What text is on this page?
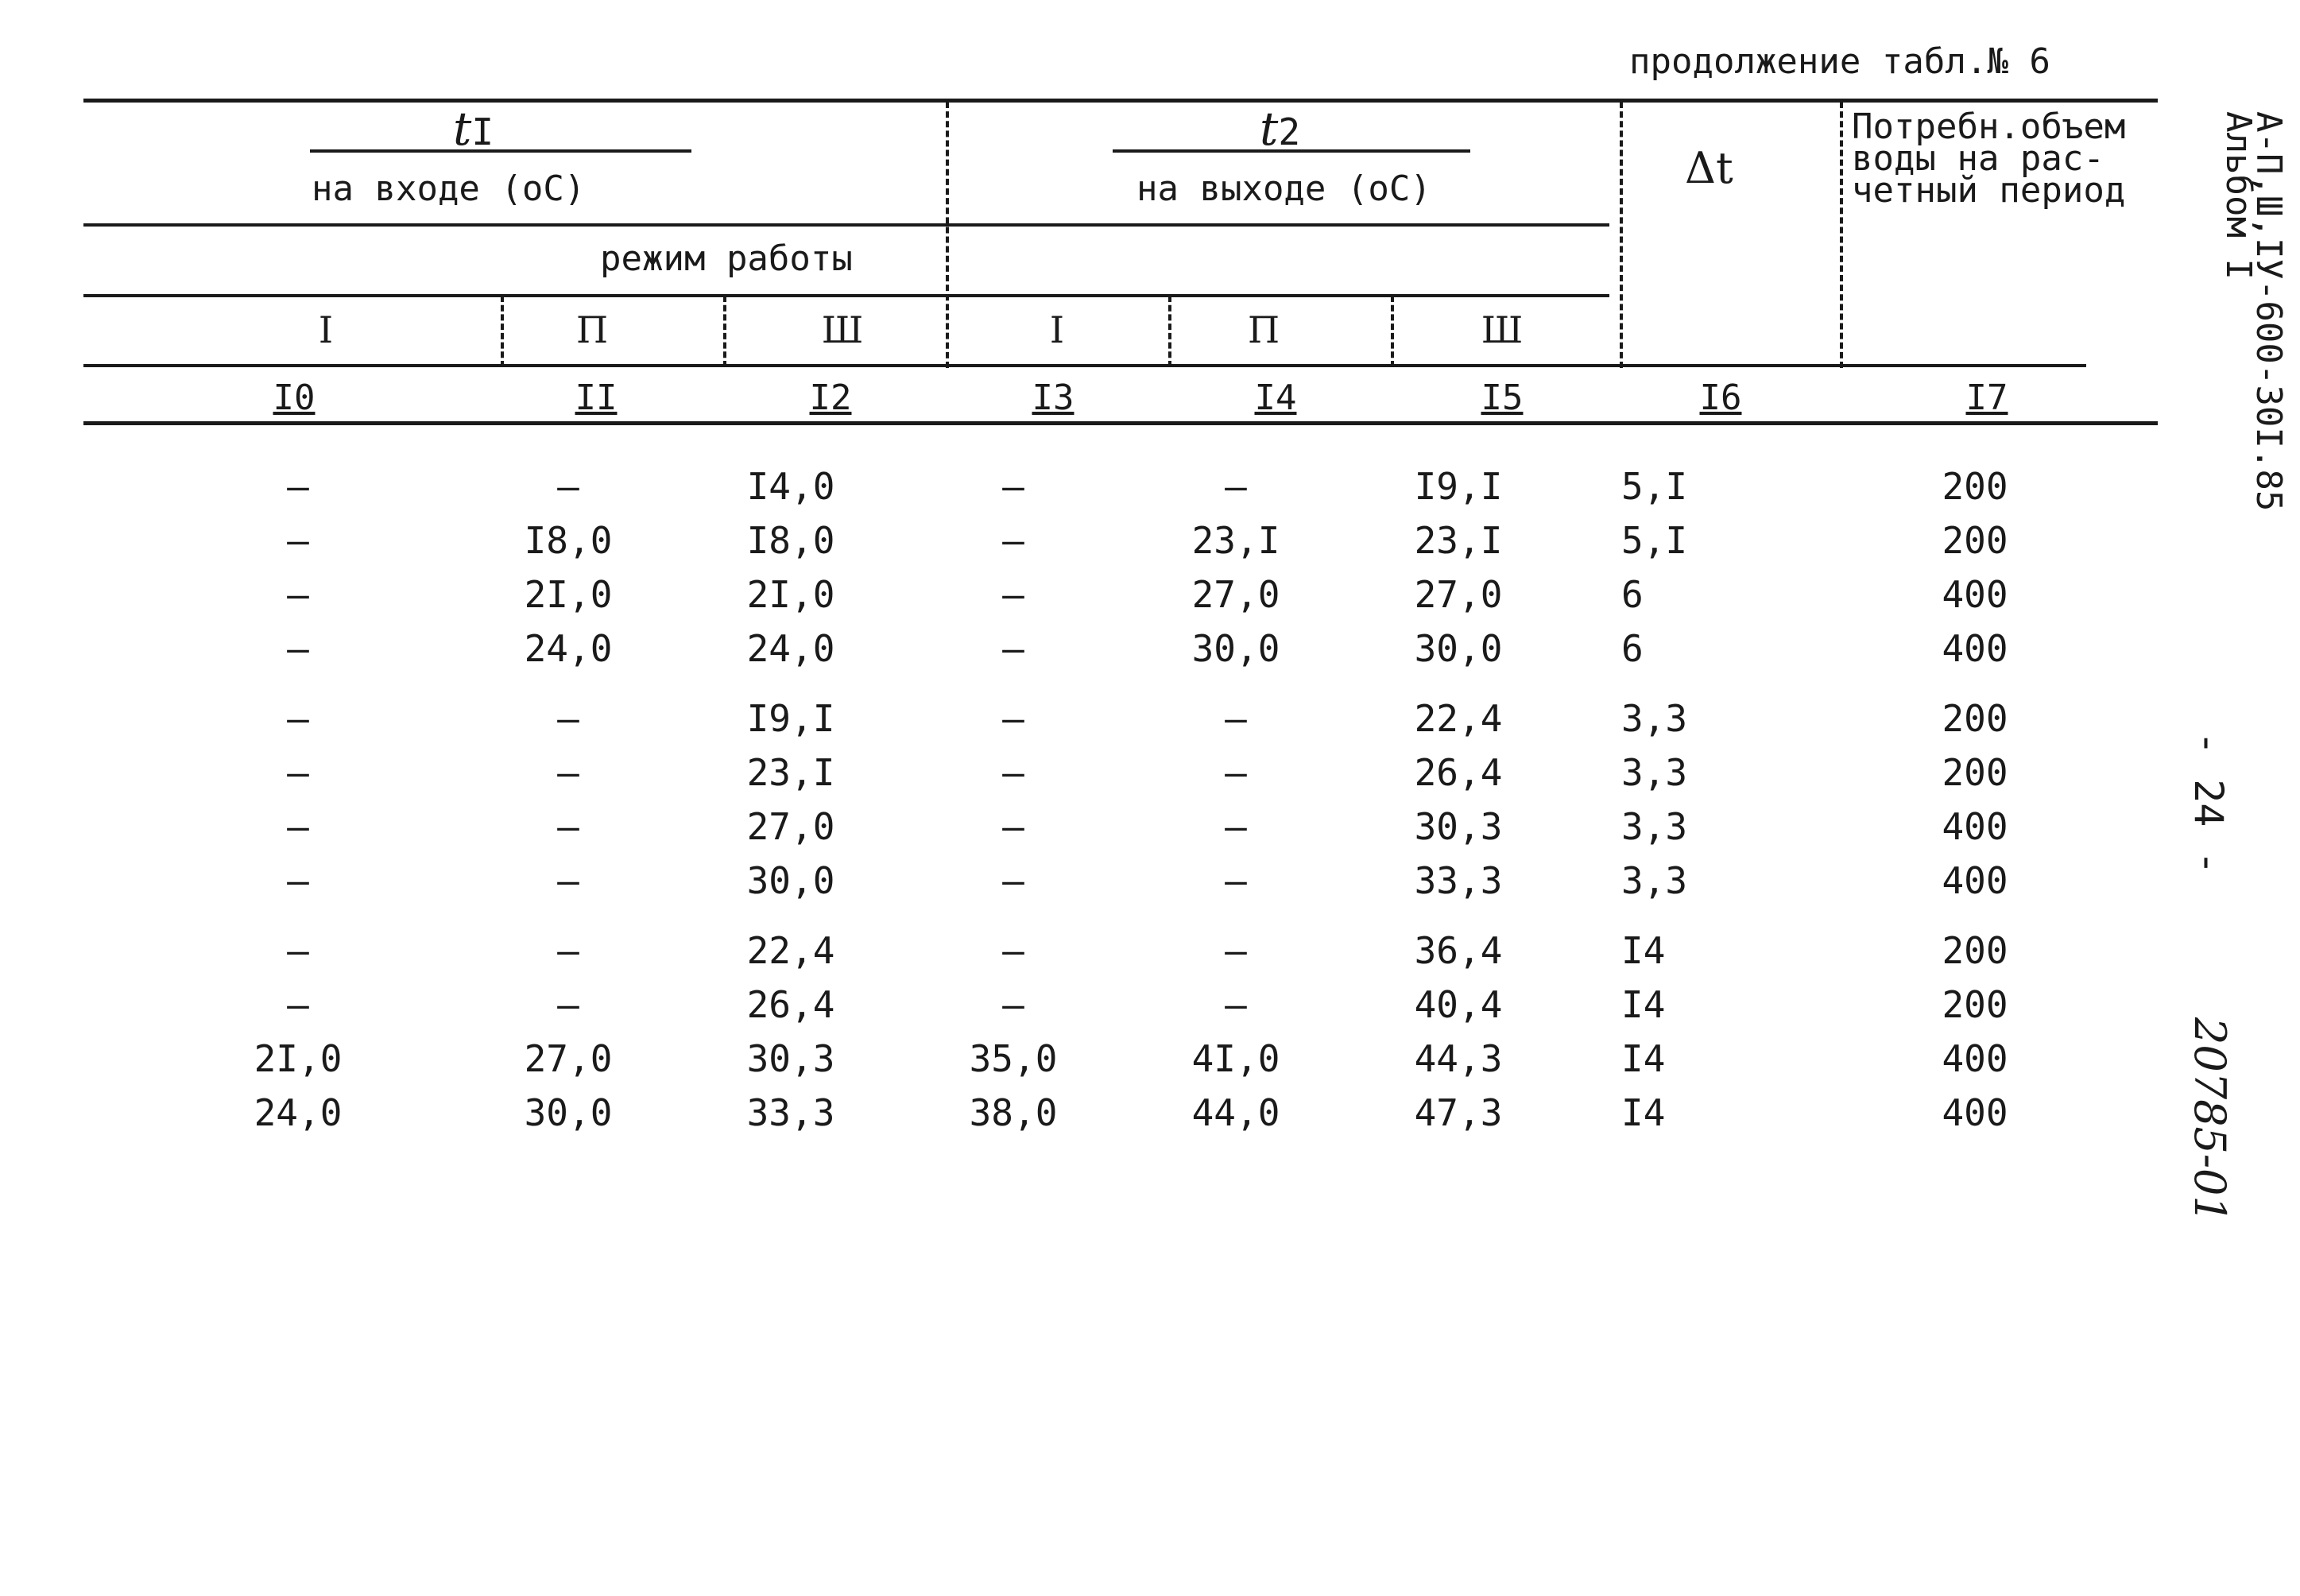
продолжение табл.№ 6
tI
на входе (оС)
t2
на выходе (оС)	Δt
Потребн.объем
воды на рас-
четный период
режим работы
I	П	Ш	I	П	Ш
I0	II	I2	I3	I4	I5	I6	I7
–	–	I4,0	–	–	I9,I	5,I	200
–	I8,0	I8,0	–	23,I	23,I	5,I	200
–	2I,0	2I,0	–	27,0	27,0	6	400
–	24,0	24,0	–	30,0	30,0	6	400
–	–	I9,I	–	–	22,4	3,3	200
–	–	23,I	–	–	26,4	3,3	200
–	–	27,0	–	–	30,3	3,3	400
–	–	30,0	–	–	33,3	3,3	400
–	–	22,4	–	–	36,4	I4	200
–	–	26,4	–	–	40,4	I4	200
2I,0	27,0	30,3	35,0	4I,0	44,3	I4	400
24,0	30,0	33,3	38,0	44,0	47,3	I4	400
А-П,Ш,IУ-600-30I.85
Альбом I
- 24 -
20785-01
